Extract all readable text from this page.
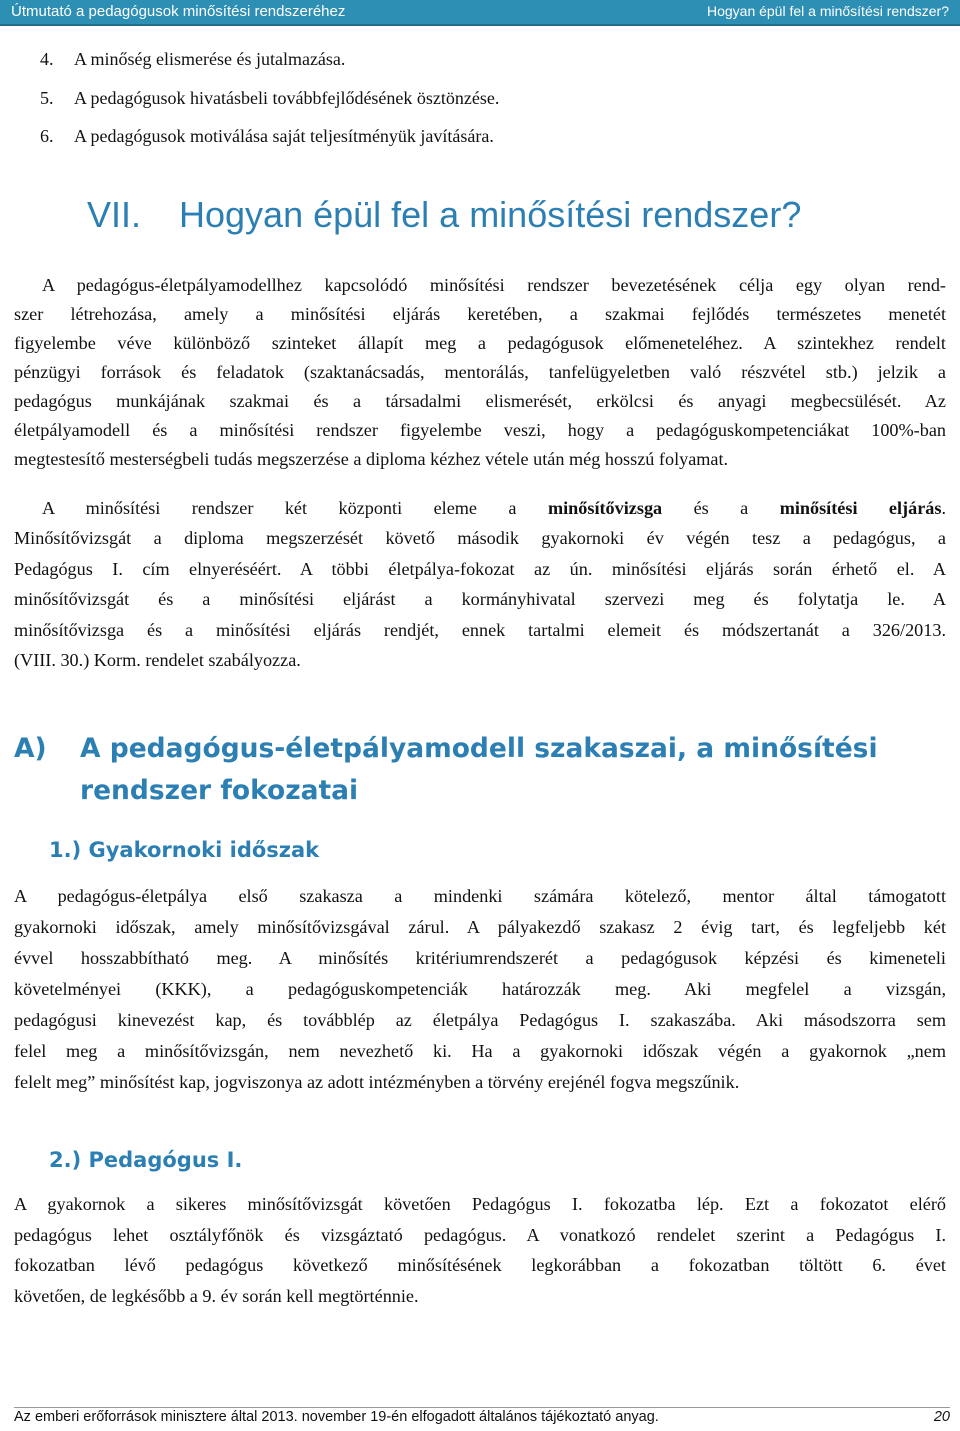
Útmutató a pedagógusok minősítési rendszeréhez	Hogyan épül fel a minősítési rendszer?
4. A minőség elismerése és jutalmazása.
5. A pedagógusok hivatásbeli továbbfejlődésének ösztönzése.
6. A pedagógusok motiválása saját teljesítményük javítására.
VII. Hogyan épül fel a minősítési rendszer?
A pedagógus-életpályamodellhez kapcsolódó minősítési rendszer bevezetésének célja egy olyan rend-
szer létrehozása, amely a minősítési eljárás keretében, a szakmai fejlődés természetes menetét
figyelembe véve különböző szinteket állapít meg a pedagógusok előmeneteléhez. A szintekhez rendelt
pénzügyi források és feladatok (szaktanácsadás, mentorálás, tanfelügyeletben való részvétel stb.) jelzik a
pedagógus munkájának szakmai és a társadalmi elismerését, erkölcsi és anyagi megbecsülését. Az
életpályamodell és a minősítési rendszer figyelembe veszi, hogy a pedagóguskompetenciákat 100%-ban
megtestesítő mesterségbeli tudás megszerzése a diploma kézhez vétele után még hosszú folyamat.
A minősítési rendszer két központi eleme a minősítővizsga és a minősítési eljárás.
Minősítővizsgát a diploma megszerzését követő második gyakornoki év végén tesz a pedagógus, a
Pedagógus I. cím elnyeréséért. A többi életpálya-fokozat az ún. minősítési eljárás során érhető el. A
minősítővizsgát és a minősítési eljárást a kormányhivatal szervezi meg és folytatja le. A
minősítővizsga és a minősítési eljárás rendjét, ennek tartalmi elemeit és módszertanát a 326/2013.
(VIII. 30.) Korm. rendelet szabályozza.
A) A pedagógus-életpályamodell szakaszai, a minősítési rendszer fokozatai
1.) Gyakornoki időszak
A pedagógus-életpálya első szakasza a mindenki számára kötelező, mentor által támogatott
gyakornoki időszak, amely minősítővizsgával zárul. A pályakezdő szakasz 2 évig tart, és legfeljebb két
évvel hosszabbítható meg. A minősítés kritériumrendszerét a pedagógusok képzési és kimeneteli
követelményei (KKK), a pedagóguskompetenciák határozzák meg. Aki megfelel a vizsgán,
pedagógusi kinevezést kap, és továbblép az életpálya Pedagógus I. szakaszába. Aki másodszorra sem
felel meg a minősítővizsgán, nem nevezhető ki. Ha a gyakornoki időszak végén a gyakornok „nem
felelt meg” minősítést kap, jogviszonya az adott intézményben a törvény erejénél fogva megszűnik.
2.) Pedagógus I.
A gyakornok a sikeres minősítővizsgát követően Pedagógus I. fokozatba lép. Ezt a fokozatot elérő
pedagógus lehet osztályfőnök és vizsgáztató pedagógus. A vonatkozó rendelet szerint a Pedagógus I.
fokozatban lévő pedagógus következő minősítésének legkorábban a fokozatban töltött 6. évet
követően, de legkésőbb a 9. év során kell megtörténnie.
Az emberi erőforrások minisztere által 2013. november 19-én elfogadott általános tájékoztató anyag.	20
